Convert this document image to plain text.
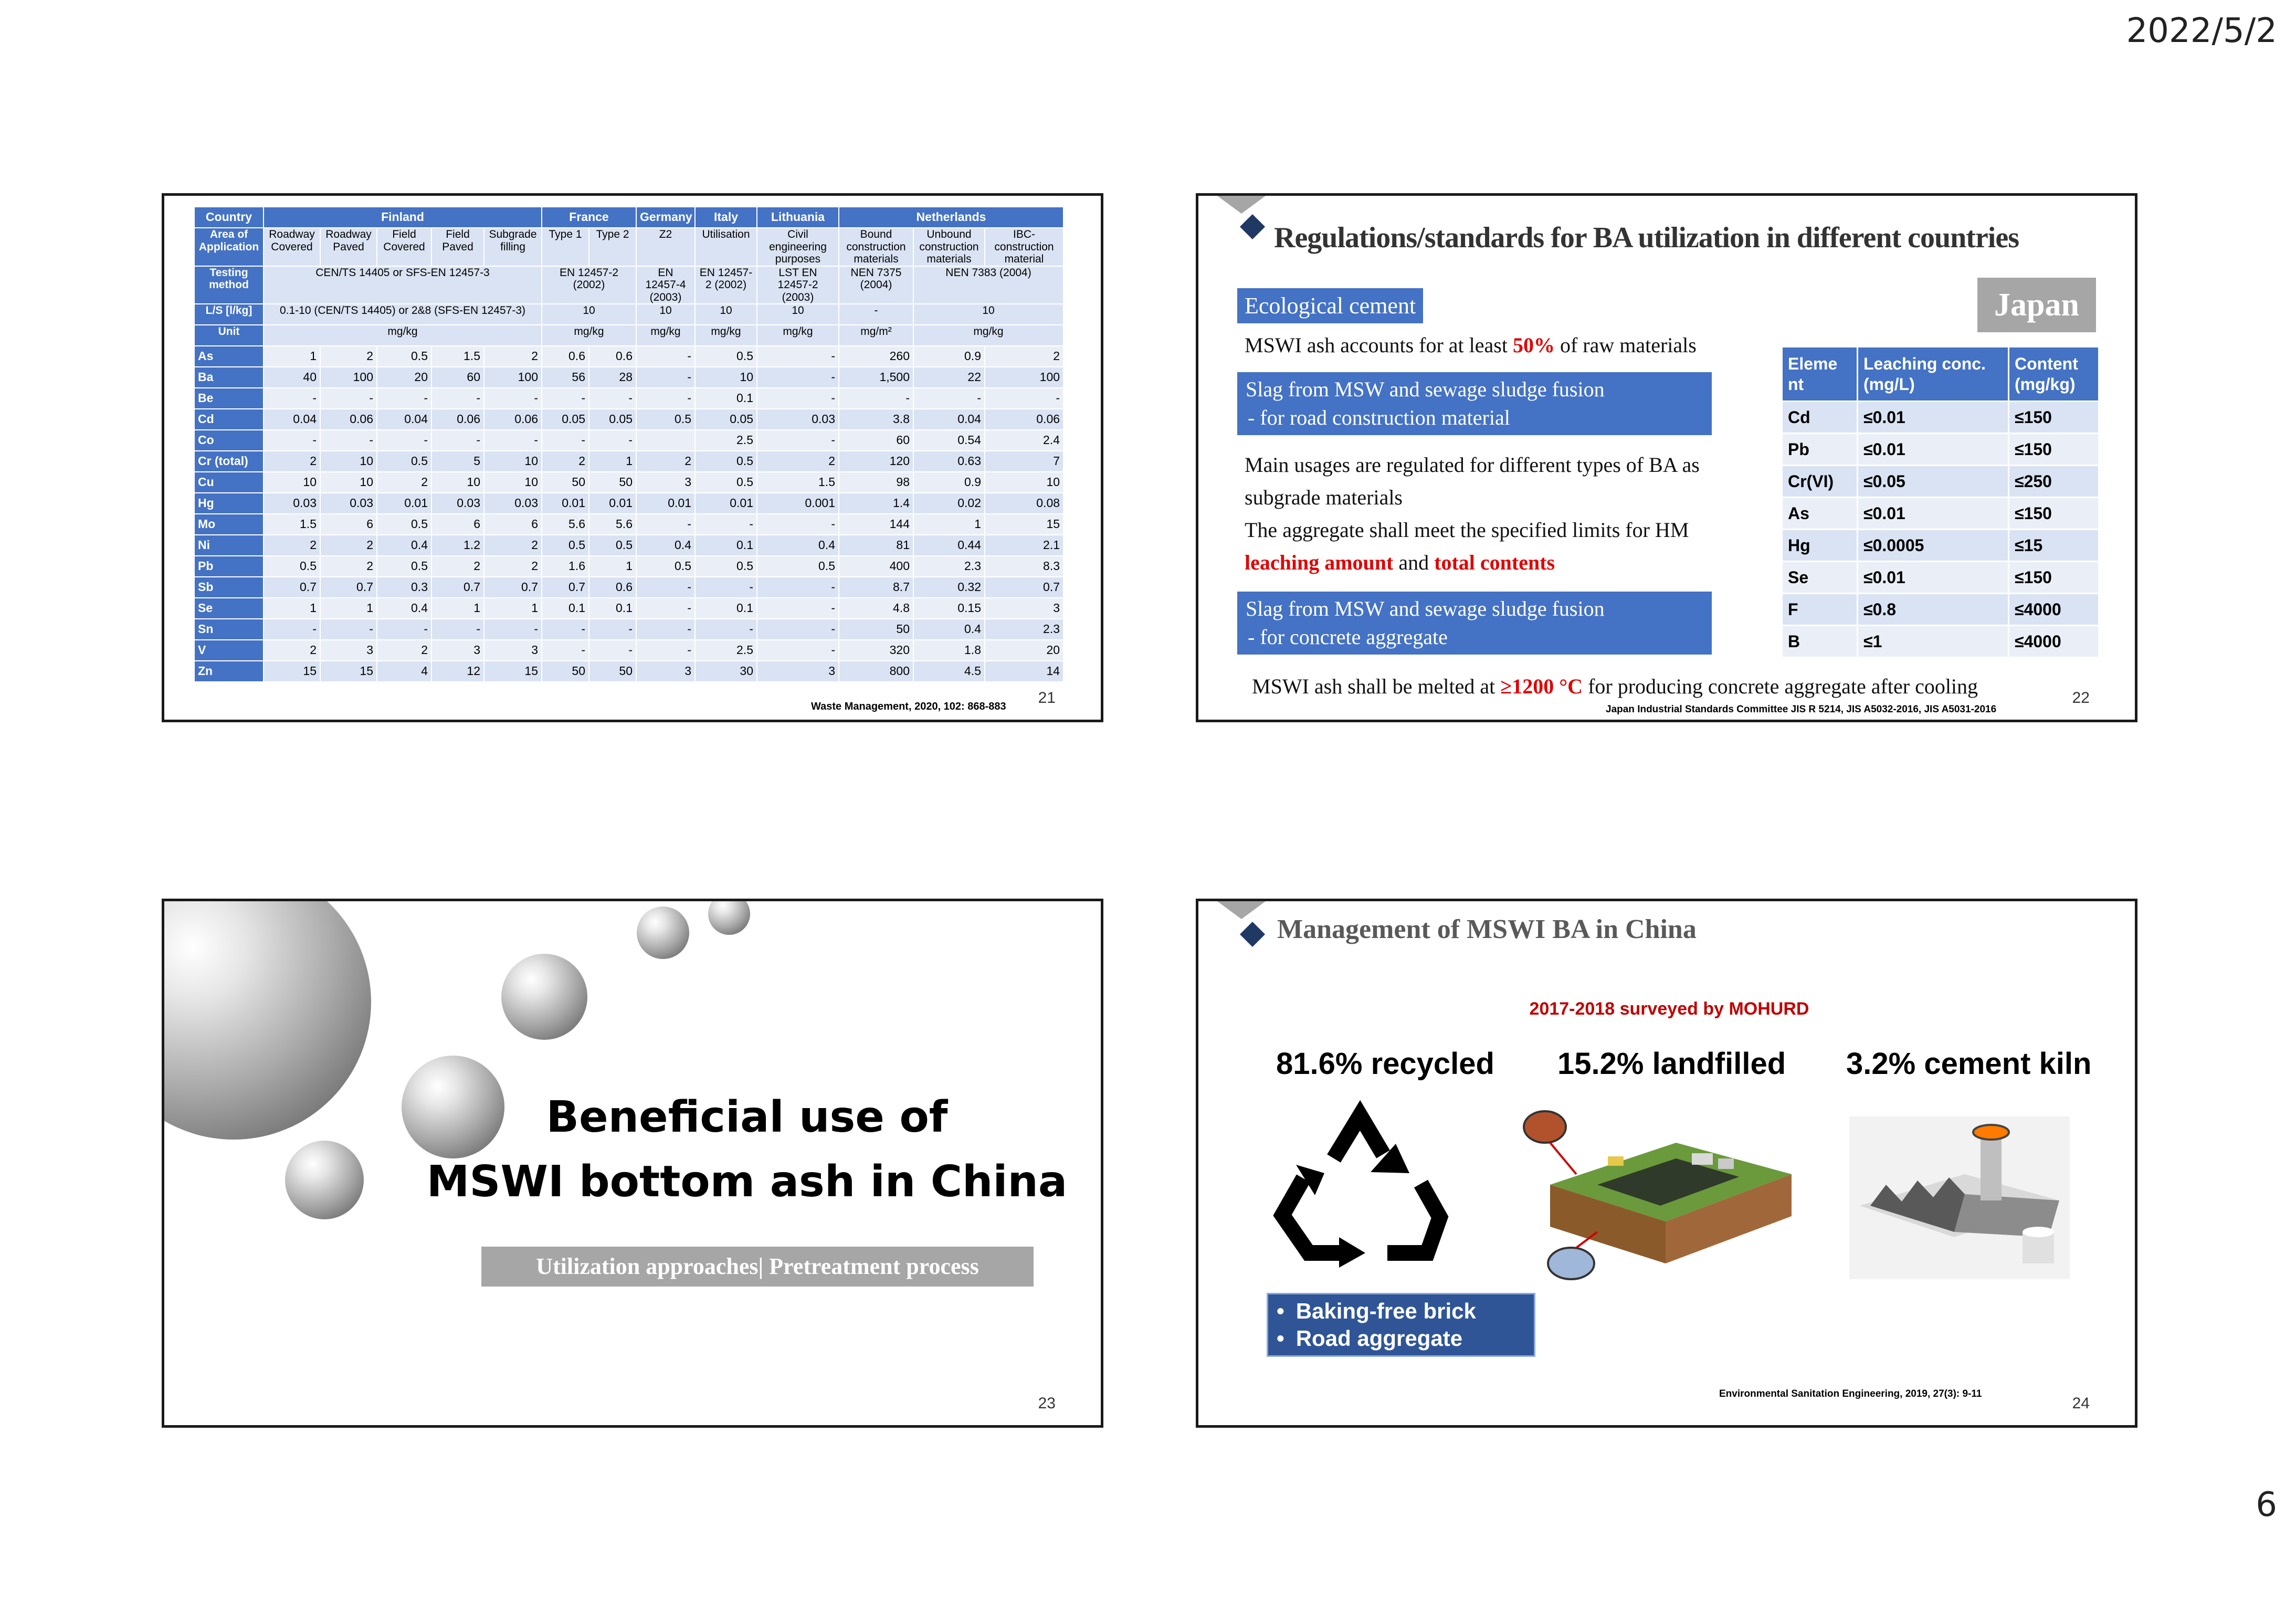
2022/5/2
Country	Finland					France		Germany	Italy	Lithuania	Netherlands		
Area of Application	Roadway Covered	Roadway Paved	Field Covered	Field Paved	Subgrade filling	Type 1	Type 2	Z2	Utilisation	Civil engineering purposes	Bound construction materials	Unbound construction materials	IBC- construction material
Testing method	CEN/TS 14405 or SFS-EN 12457-3					EN 12457-2 (2002)		EN 12457-4 (2003)	EN 12457-2 (2002)	LST EN 12457-2 (2003)	NEN 7375 (2004)	NEN 7383 (2004)	
L/S [l/kg]	0.1-10 (CEN/TS 14405) or 2&8 (SFS-EN 12457-3)					10		10	10	10	-	10	
Unit	mg/kg					mg/kg		mg/kg	mg/kg	mg/kg	mg/m²	mg/kg	
As	1	2	0.5	1.5	2	0.6	0.6	-	0.5	-	260	0.9	2
Ba	40	100	20	60	100	56	28	-	10	-	1,500	22	100
Be	-	-	-	-	-	-	-	-	0.1	-	-	-	-
Cd	0.04	0.06	0.04	0.06	0.06	0.05	0.05	0.5	0.05	0.03	3.8	0.04	0.06
Co	-	-	-	-	-	-	-		2.5	-	60	0.54	2.4
Cr (total)	2	10	0.5	5	10	2	1	2	0.5	2	120	0.63	7
Cu	10	10	2	10	10	50	50	3	0.5	1.5	98	0.9	10
Hg	0.03	0.03	0.01	0.03	0.03	0.01	0.01	0.01	0.01	0.001	1.4	0.02	0.08
Mo	1.5	6	0.5	6	6	5.6	5.6	-	-	-	144	1	15
Ni	2	2	0.4	1.2	2	0.5	0.5	0.4	0.1	0.4	81	0.44	2.1
Pb	0.5	2	0.5	2	2	1.6	1	0.5	0.5	0.5	400	2.3	8.3
Sb	0.7	0.7	0.3	0.7	0.7	0.7	0.6	-	-	-	8.7	0.32	0.7
Se	1	1	0.4	1	1	0.1	0.1	-	0.1	-	4.8	0.15	3
Sn	-	-	-	-	-	-	-	-	-	-	50	0.4	2.3
V	2	3	2	3	3	-	-	-	2.5	-	320	1.8	20
Zn	15	15	4	12	15	50	50	3	30	3	800	4.5	14
Waste Management, 2020, 102: 868-883 21
Regulations/standards for BA utilization in different countries
Ecological cement
MSWI ash accounts for at least 50% of raw materials
Slag from MSW and sewage sludge fusion
- for road construction material
Main usages are regulated for different types of BA as
subgrade materials
The aggregate shall meet the specified limits for HM
leaching amount and total contents
Slag from MSW and sewage sludge fusion
- for concrete aggregate
MSWI ash shall be melted at ≥1200 °C for producing concrete aggregate after cooling
Japan
Eleme nt	Leaching conc. (mg/L)	Content (mg/kg)
Cd	≤0.01	≤150
Pb	≤0.01	≤150
Cr(VI)	≤0.05	≤250
As	≤0.01	≤150
Hg	≤0.0005	≤15
Se	≤0.01	≤150
F	≤0.8	≤4000
B	≤1	≤4000
Japan Industrial Standards Committee JIS R 5214, JIS A5032-2016, JIS A5031-2016
22
Beneficial use of
MSWI bottom ash in China
Utilization approaches| Pretreatment process
23
Management of MSWI BA in China
2017-2018 surveyed by MOHURD
81.6% recycled 15.2% landfilled 3.2% cement kiln
• Baking-free brick
• Road aggregate
Environmental Sanitation Engineering, 2019, 27(3): 9-11
24
6
